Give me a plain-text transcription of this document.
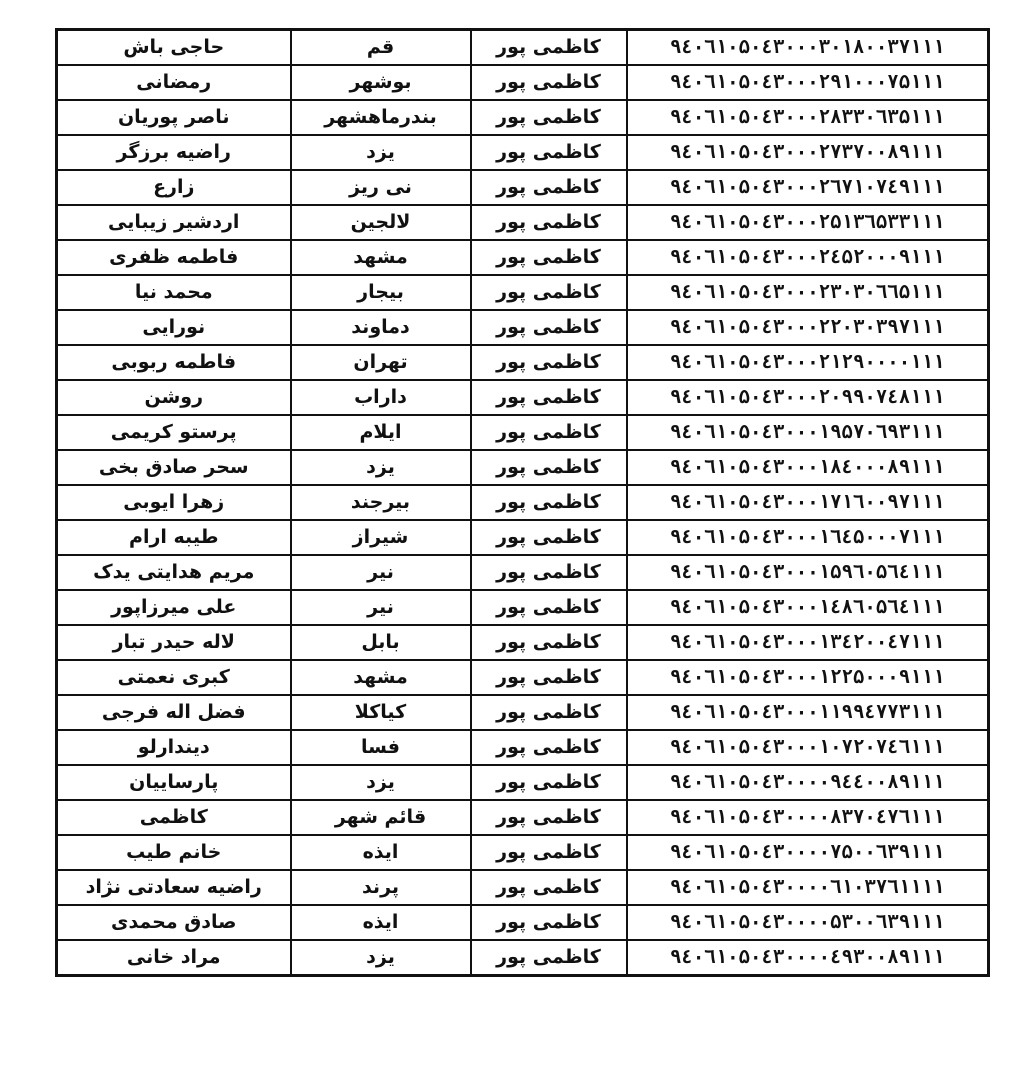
حاجی باش	قم	کاظمی پور	۹٤۰٦۱۰۵۰٤۳۰۰۰۳۰۱۸۰۰۳۷۱۱۱
رمضانی	بوشهر	کاظمی پور	۹٤۰٦۱۰۵۰٤۳۰۰۰۲۹۱۰۰۰۷۵۱۱۱
ناصر پوریان	بندرماهشهر	کاظمی پور	۹٤۰٦۱۰۵۰٤۳۰۰۰۲۸۳۳۰٦۳۵۱۱۱
راضیه برزگر	یزد	کاظمی پور	۹٤۰٦۱۰۵۰٤۳۰۰۰۲۷۳۷۰۰۸۹۱۱۱
زارع	نی ریز	کاظمی پور	۹٤۰٦۱۰۵۰٤۳۰۰۰۲٦۷۱۰۷٤۹۱۱۱
اردشیر زیبایی	لالجین	کاظمی پور	۹٤۰٦۱۰۵۰٤۳۰۰۰۲۵۱۳٦۵۳۳۱۱۱
فاطمه ظفری	مشهد	کاظمی پور	۹٤۰٦۱۰۵۰٤۳۰۰۰۲٤۵۲۰۰۰۹۱۱۱
محمد نیا	بیجار	کاظمی پور	۹٤۰٦۱۰۵۰٤۳۰۰۰۲۳۰۳۰٦٦۵۱۱۱
نورایی	دماوند	کاظمی پور	۹٤۰٦۱۰۵۰٤۳۰۰۰۲۲۰۳۰۳۹۷۱۱۱
فاطمه ربوبی	تهران	کاظمی پور	۹٤۰٦۱۰۵۰٤۳۰۰۰۲۱۲۹۰۰۰۰۱۱۱
روشن	داراب	کاظمی پور	۹٤۰٦۱۰۵۰٤۳۰۰۰۲۰۹۹۰۷٤۸۱۱۱
پرستو کریمی	ایلام	کاظمی پور	۹٤۰٦۱۰۵۰٤۳۰۰۰۱۹۵۷۰٦۹۳۱۱۱
سحر صادق بخی	یزد	کاظمی پور	۹٤۰٦۱۰۵۰٤۳۰۰۰۱۸٤۰۰۰۸۹۱۱۱
زهرا ایوبی	بیرجند	کاظمی پور	۹٤۰٦۱۰۵۰٤۳۰۰۰۱۷۱٦۰۰۹۷۱۱۱
طیبه ارام	شیراز	کاظمی پور	۹٤۰٦۱۰۵۰٤۳۰۰۰۱٦٤۵۰۰۰۷۱۱۱
مریم هدایتی یدک	نیر	کاظمی پور	۹٤۰٦۱۰۵۰٤۳۰۰۰۱۵۹٦۰۵٦٤۱۱۱
علی میرزاپور	نیر	کاظمی پور	۹٤۰٦۱۰۵۰٤۳۰۰۰۱٤۸٦۰۵٦٤۱۱۱
لاله حیدر تبار	بابل	کاظمی پور	۹٤۰٦۱۰۵۰٤۳۰۰۰۱۳٤۲۰۰٤۷۱۱۱
کبری نعمتی	مشهد	کاظمی پور	۹٤۰٦۱۰۵۰٤۳۰۰۰۱۲۲۵۰۰۰۹۱۱۱
فضل اله فرجی	کیاکلا	کاظمی پور	۹٤۰٦۱۰۵۰٤۳۰۰۰۱۱۹۹٤۷۷۳۱۱۱
دیندارلو	فسا	کاظمی پور	۹٤۰٦۱۰۵۰٤۳۰۰۰۱۰۷۲۰۷٤٦۱۱۱
پارساییان	یزد	کاظمی پور	۹٤۰٦۱۰۵۰٤۳۰۰۰۰۹٤٤۰۰۸۹۱۱۱
کاظمی	قائم شهر	کاظمی پور	۹٤۰٦۱۰۵۰٤۳۰۰۰۰۸۳۷۰٤۷٦۱۱۱
خانم طیب	ایذه	کاظمی پور	۹٤۰٦۱۰۵۰٤۳۰۰۰۰۷۵۰۰٦۳۹۱۱۱
راضیه سعادتی نژاد	پرند	کاظمی پور	۹٤۰٦۱۰۵۰٤۳۰۰۰۰٦۱۰۳۷٦۱۱۱۱
صادق محمدی	ایذه	کاظمی پور	۹٤۰٦۱۰۵۰٤۳۰۰۰۰۵۳۰۰٦۳۹۱۱۱
مراد خانی	یزد	کاظمی پور	۹٤۰٦۱۰۵۰٤۳۰۰۰۰٤۹۳۰۰۸۹۱۱۱
